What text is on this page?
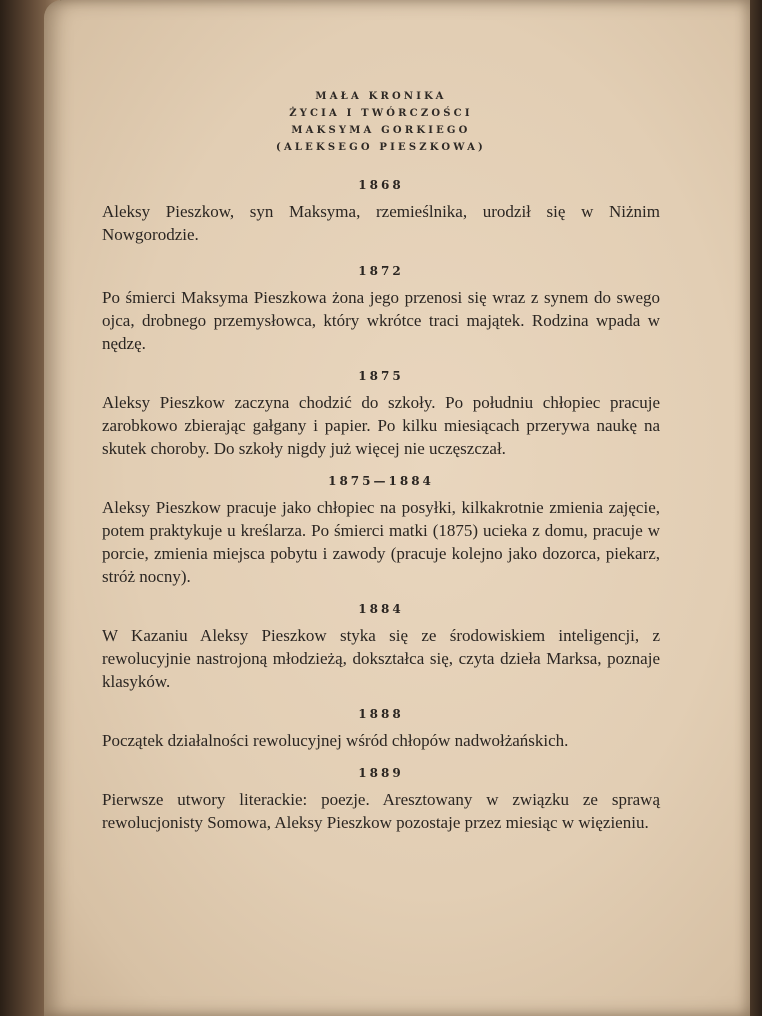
MAŁA KRONIKA
ŻYCIA I TWÓRCZOŚCI
MAKSYMA GORKIEGO
(ALEKSEGO PIESZKOWA)
1868

Aleksy Pieszkow, syn Maksyma, rzemieślnika, urodził się w Niżnim Nowgorodzie.

1872

Po śmierci Maksyma Pieszkowa żona jego przenosi się wraz z synem do swego ojca, drobnego przemysłowca, który wkrótce traci majątek. Rodzina wpada w nędzę.

1875

Aleksy Pieszkow zaczyna chodzić do szkoły. Po południu chłopiec pracuje zarobkowo zbierając gałgany i papier. Po kilku miesiącach przerywa naukę na skutek choroby. Do szkoły nigdy już więcej nie uczęszczał.

1875—1884

Aleksy Pieszkow pracuje jako chłopiec na posyłki, kilkakrotnie zmienia zajęcie, potem praktykuje u kreślarza. Po śmierci matki (1875) ucieka z domu, pracuje w porcie, zmienia miejsca pobytu i zawody (pracuje kolejno jako dozorca, piekarz, stróż nocny).

1884

W Kazaniu Aleksy Pieszkow styka się ze środowiskiem inteligencji, z rewolucyjnie nastrojoną młodzieżą, dokształca się, czyta dzieła Marksa, poznaje klasyków.

1888

Początek działalności rewolucyjnej wśród chłopów nadwołżańskich.

1889

Pierwsze utwory literackie: poezje. Aresztowany w związku ze sprawą rewolucjonisty Somowa, Aleksy Pieszkow pozostaje przez miesiąc w więzieniu.
